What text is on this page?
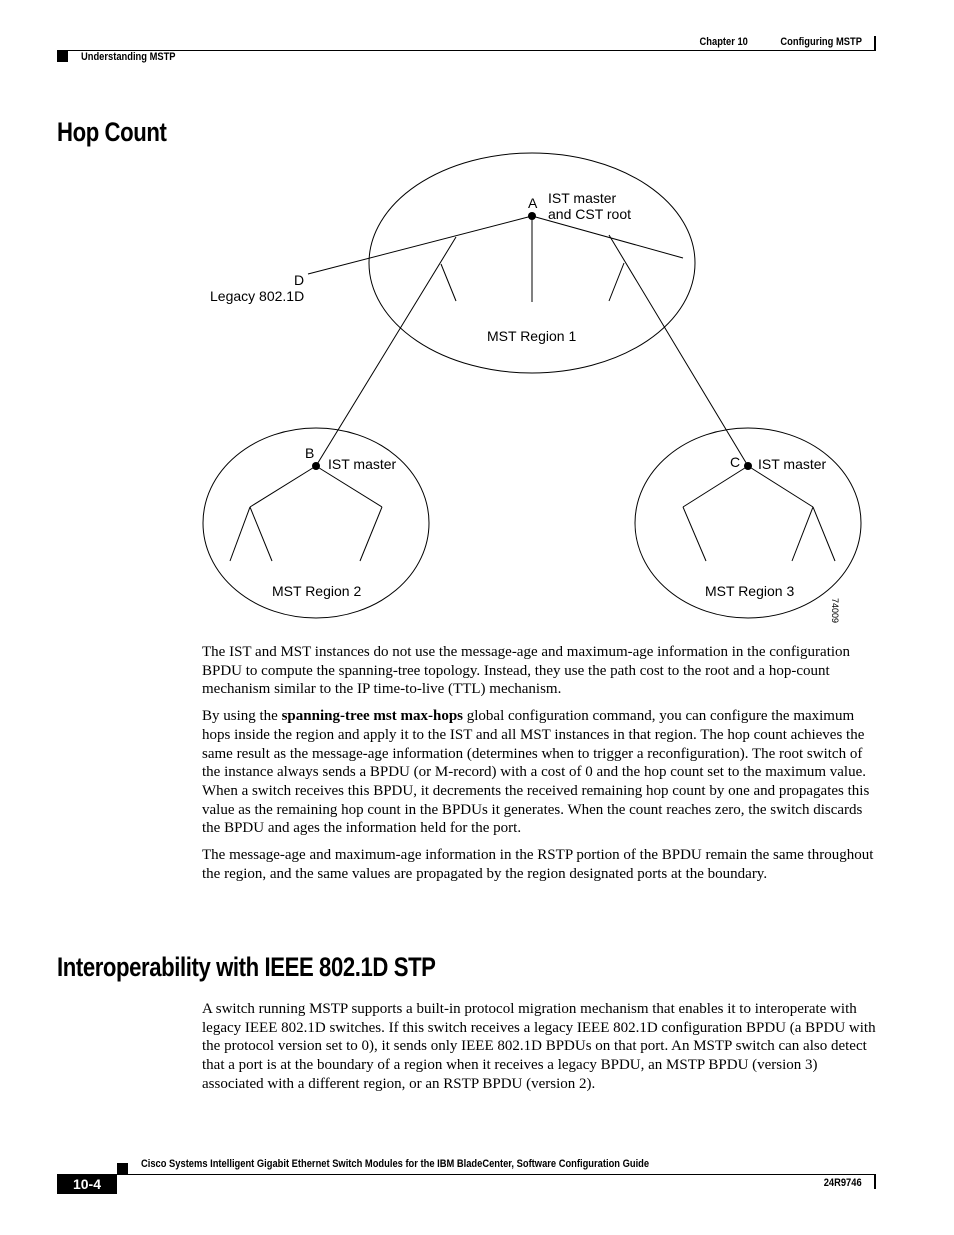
Chapter 10	Configuring MSTP
Understanding MSTP
Hop Count
A IST master
and CST root
D
Legacy 802.1D
MST Region 1
B
IST master	C IST master
MST Region 2	MST Region 3
74009

The IST and MST instances do not use the message-age and maximum-age information in the configuration BPDU to compute the spanning-tree topology. Instead, they use the path cost to the root and a hop-count mechanism similar to the IP time-to-live (TTL) mechanism.

By using the spanning-tree mst max-hops global configuration command, you can configure the maximum hops inside the region and apply it to the IST and all MST instances in that region. The hop count achieves the same result as the message-age information (determines when to trigger a reconfiguration). The root switch of the instance always sends a BPDU (or M-record) with a cost of 0 and the hop count set to the maximum value. When a switch receives this BPDU, it decrements the received remaining hop count by one and propagates this value as the remaining hop count in the BPDUs it generates. When the count reaches zero, the switch discards the BPDU and ages the information held for the port.

The message-age and maximum-age information in the RSTP portion of the BPDU remain the same throughout the region, and the same values are propagated by the region designated ports at the boundary.

Interoperability with IEEE 802.1D STP

A switch running MSTP supports a built-in protocol migration mechanism that enables it to interoperate with legacy IEEE 802.1D switches. If this switch receives a legacy IEEE 802.1D configuration BPDU (a BPDU with the protocol version set to 0), it sends only IEEE 802.1D BPDUs on that port. An MSTP switch can also detect that a port is at the boundary of a region when it receives a legacy BPDU, an MSTP BPDU (version 3) associated with a different region, or an RSTP BPDU (version 2).

Cisco Systems Intelligent Gigabit Ethernet Switch Modules for the IBM BladeCenter, Software Configuration Guide
10-4	24R9746
